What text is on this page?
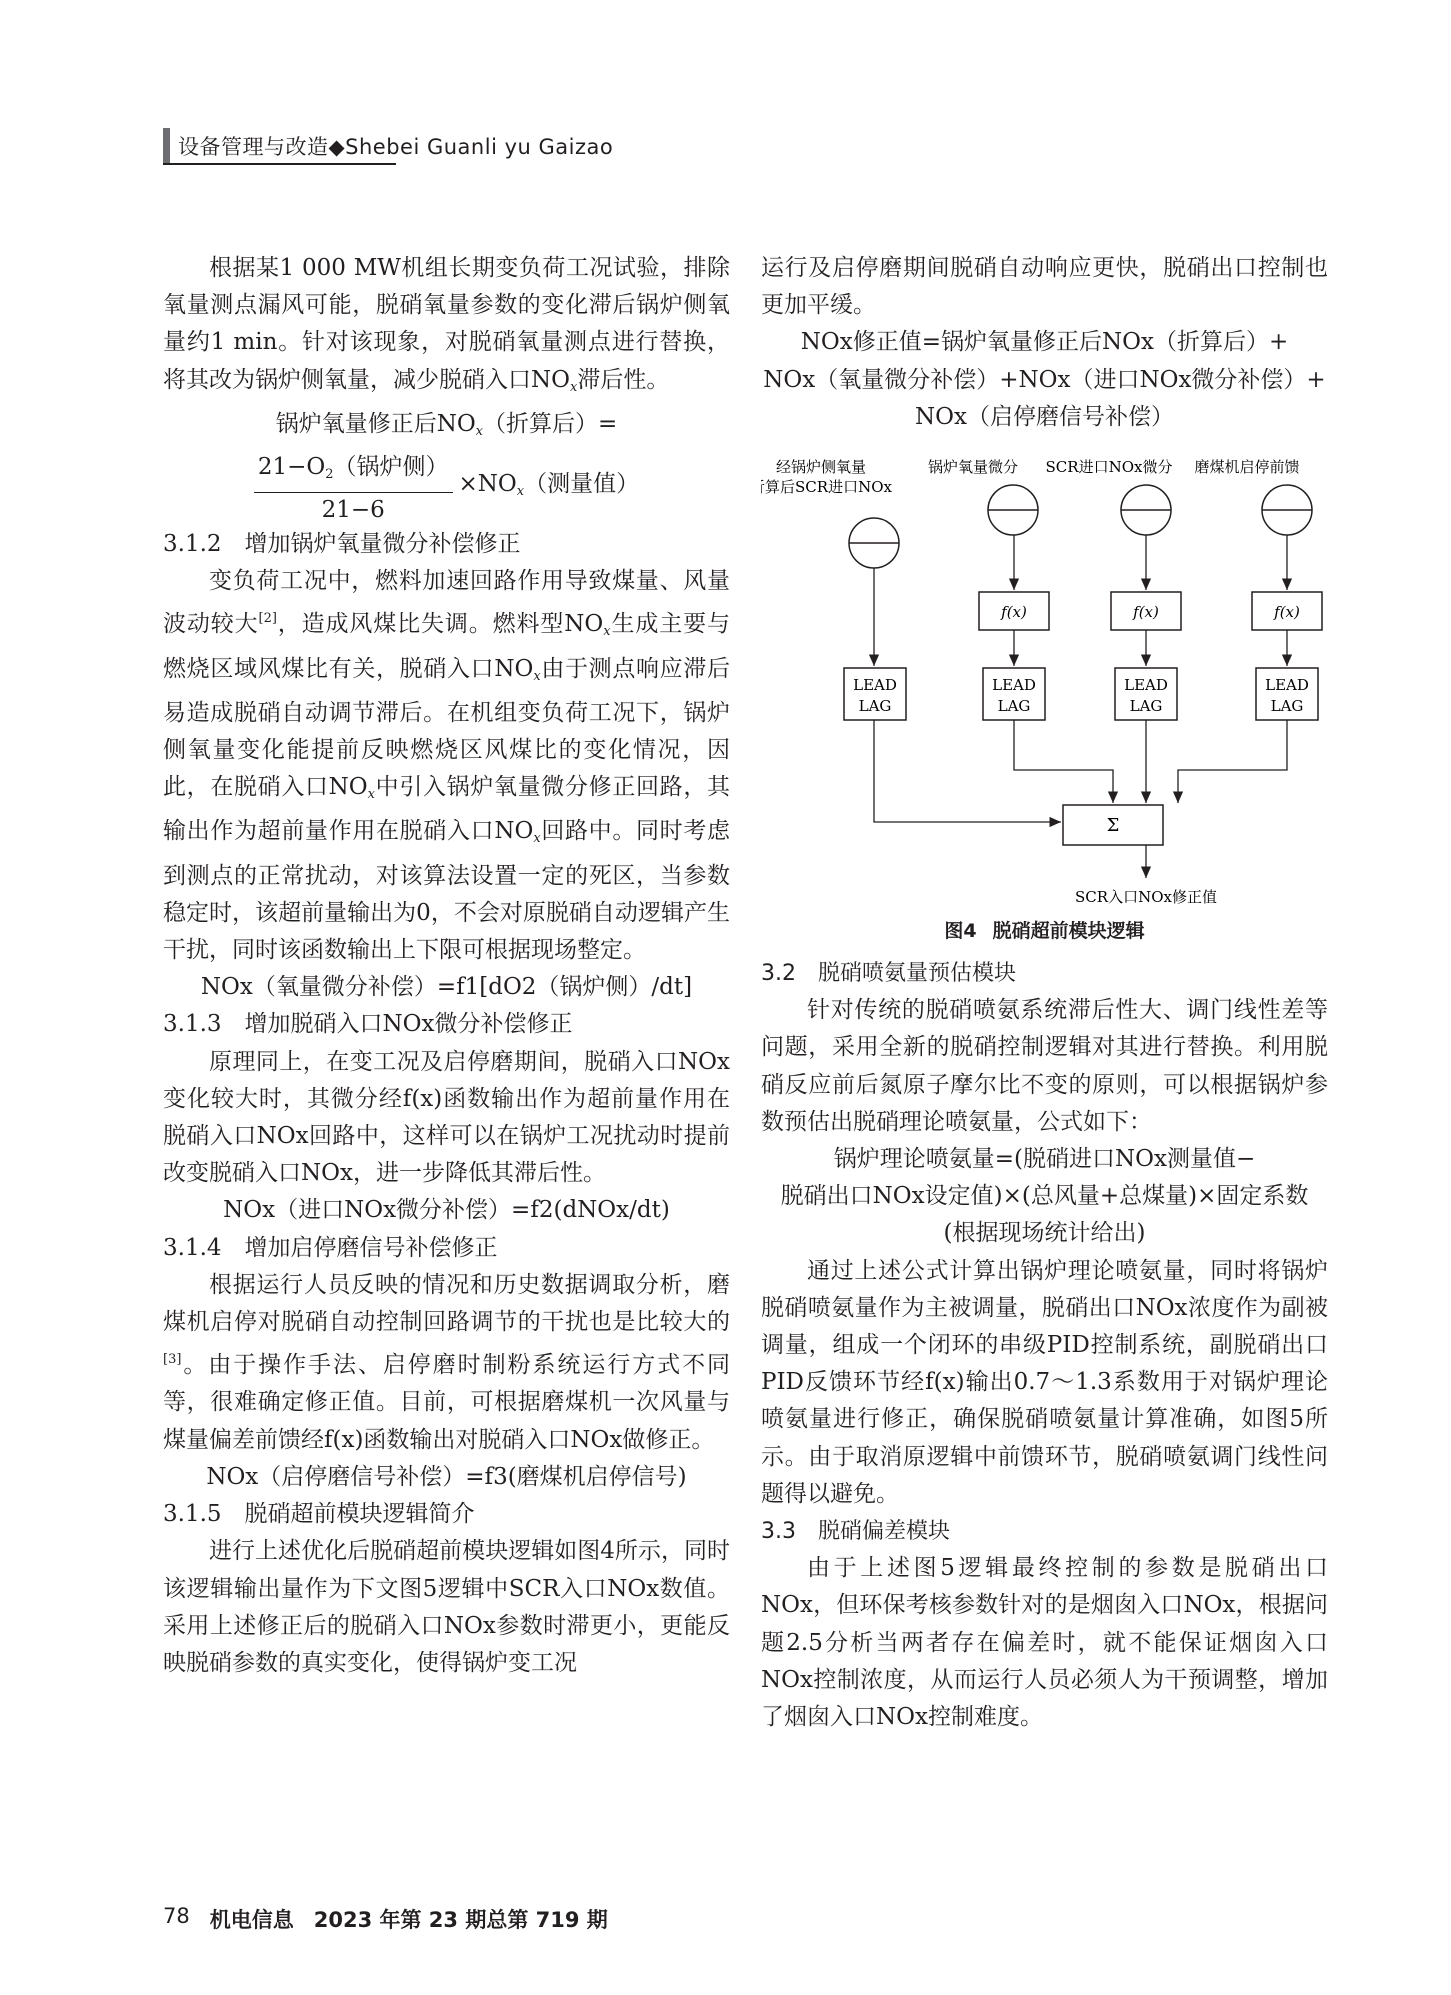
设备管理与改造◆Shebei Guanli yu Gaizao

根据某1 000 MW机组长期变负荷工况试验，排除氧量测点漏风可能，脱硝氧量参数的变化滞后锅炉侧氧量约1 min。针对该现象，对脱硝氧量测点进行替换，将其改为锅炉侧氧量，减少脱硝入口$NO_x$滞后性。

锅炉氧量修正后$NO_x$（折算后）=

$\frac{\text{21−O2（锅炉侧）}}{21-6} \times NO_x$（测量值）

3.1.2　增加锅炉氧量微分补偿修正

变负荷工况中，燃料加速回路作用导致煤量、风量波动较大[2]，造成风煤比失调。燃料型$NO_x$生成主要与燃烧区域风煤比有关，脱硝入口$NO_x$由于测点响应滞后易造成脱硝自动调节滞后。在机组变负荷工况下，锅炉侧氧量变化能提前反映燃烧区风煤比的变化情况，因此，在脱硝入口$NO_x$中引入锅炉氧量微分修正回路，其输出作为超前量作用在脱硝入口$NO_x$回路中。同时考虑到测点的正常扰动，对该算法设置一定的死区，当参数稳定时，该超前量输出为0，不会对原脱硝自动逻辑产生干扰，同时该函数输出上下限可根据现场整定。

NOx（氧量微分补偿）=f1[dO2（锅炉侧）/dt]

3.1.3　增加脱硝入口NOx微分补偿修正

原理同上，在变工况及启停磨期间，脱硝入口NOx变化较大时，其微分经f(x)函数输出作为超前量作用在脱硝入口NOx回路中，这样可以在锅炉工况扰动时提前改变脱硝入口NOx，进一步降低其滞后性。

NOx（进口NOx微分补偿）=f2(dNOx/dt)

3.1.4　增加启停磨信号补偿修正

根据运行人员反映的情况和历史数据调取分析，磨煤机启停对脱硝自动控制回路调节的干扰也是比较大的[3]。由于操作手法、启停磨时制粉系统运行方式不同等，很难确定修正值。目前，可根据磨煤机一次风量与煤量偏差前馈经f(x)函数输出对脱硝入口NOx做修正。

NOx（启停磨信号补偿）=f3(磨煤机启停信号)

3.1.5　脱硝超前模块逻辑简介

进行上述优化后脱硝超前模块逻辑如图4所示，同时该逻辑输出量作为下文图5逻辑中SCR入口NOx数值。采用上述修正后的脱硝入口NOx参数时滞更小，更能反映脱硝参数的真实变化，使得锅炉变工况

运行及启停磨期间脱硝自动响应更快，脱硝出口控制也更加平缓。

NOx修正值=锅炉氧量修正后NOx（折算后）+

NOx（氧量微分补偿）+NOx（进口NOx微分补偿）+

NOx（启停磨信号补偿）

经锅炉侧氧量
折算后SCR进口NOx
锅炉氧量微分 SCR进口NOx微分 磨煤机启停前馈
f(x)	f(x)	f(x)
LEAD
LAG
LEAD
LAG
LEAD
LAG
LEAD
LAG
Σ
SCR入口NOx修正值
图4 脱硝超前模块逻辑

3.2　脱硝喷氨量预估模块

针对传统的脱硝喷氨系统滞后性大、调门线性差等问题，采用全新的脱硝控制逻辑对其进行替换。利用脱硝反应前后氮原子摩尔比不变的原则，可以根据锅炉参数预估出脱硝理论喷氨量，公式如下：

锅炉理论喷氨量=(脱硝进口NOx测量值−

脱硝出口NOx设定值)×(总风量+总煤量)×固定系数

(根据现场统计给出)

通过上述公式计算出锅炉理论喷氨量，同时将锅炉脱硝喷氨量作为主被调量，脱硝出口NOx浓度作为副被调量，组成一个闭环的串级PID控制系统，副脱硝出口PID反馈环节经f(x)输出0.7～1.3系数用于对锅炉理论喷氨量进行修正，确保脱硝喷氨量计算准确，如图5所示。由于取消原逻辑中前馈环节，脱硝喷氨调门线性问题得以避免。

3.3　脱硝偏差模块

由于上述图5逻辑最终控制的参数是脱硝出口NOx，但环保考核参数针对的是烟囱入口NOx，根据问题2.5分析当两者存在偏差时，就不能保证烟囱入口NOx控制浓度，从而运行人员必须人为干预调整，增加了烟囱入口NOx控制难度。

78 机电信息 2023 年第 23 期总第 719 期
